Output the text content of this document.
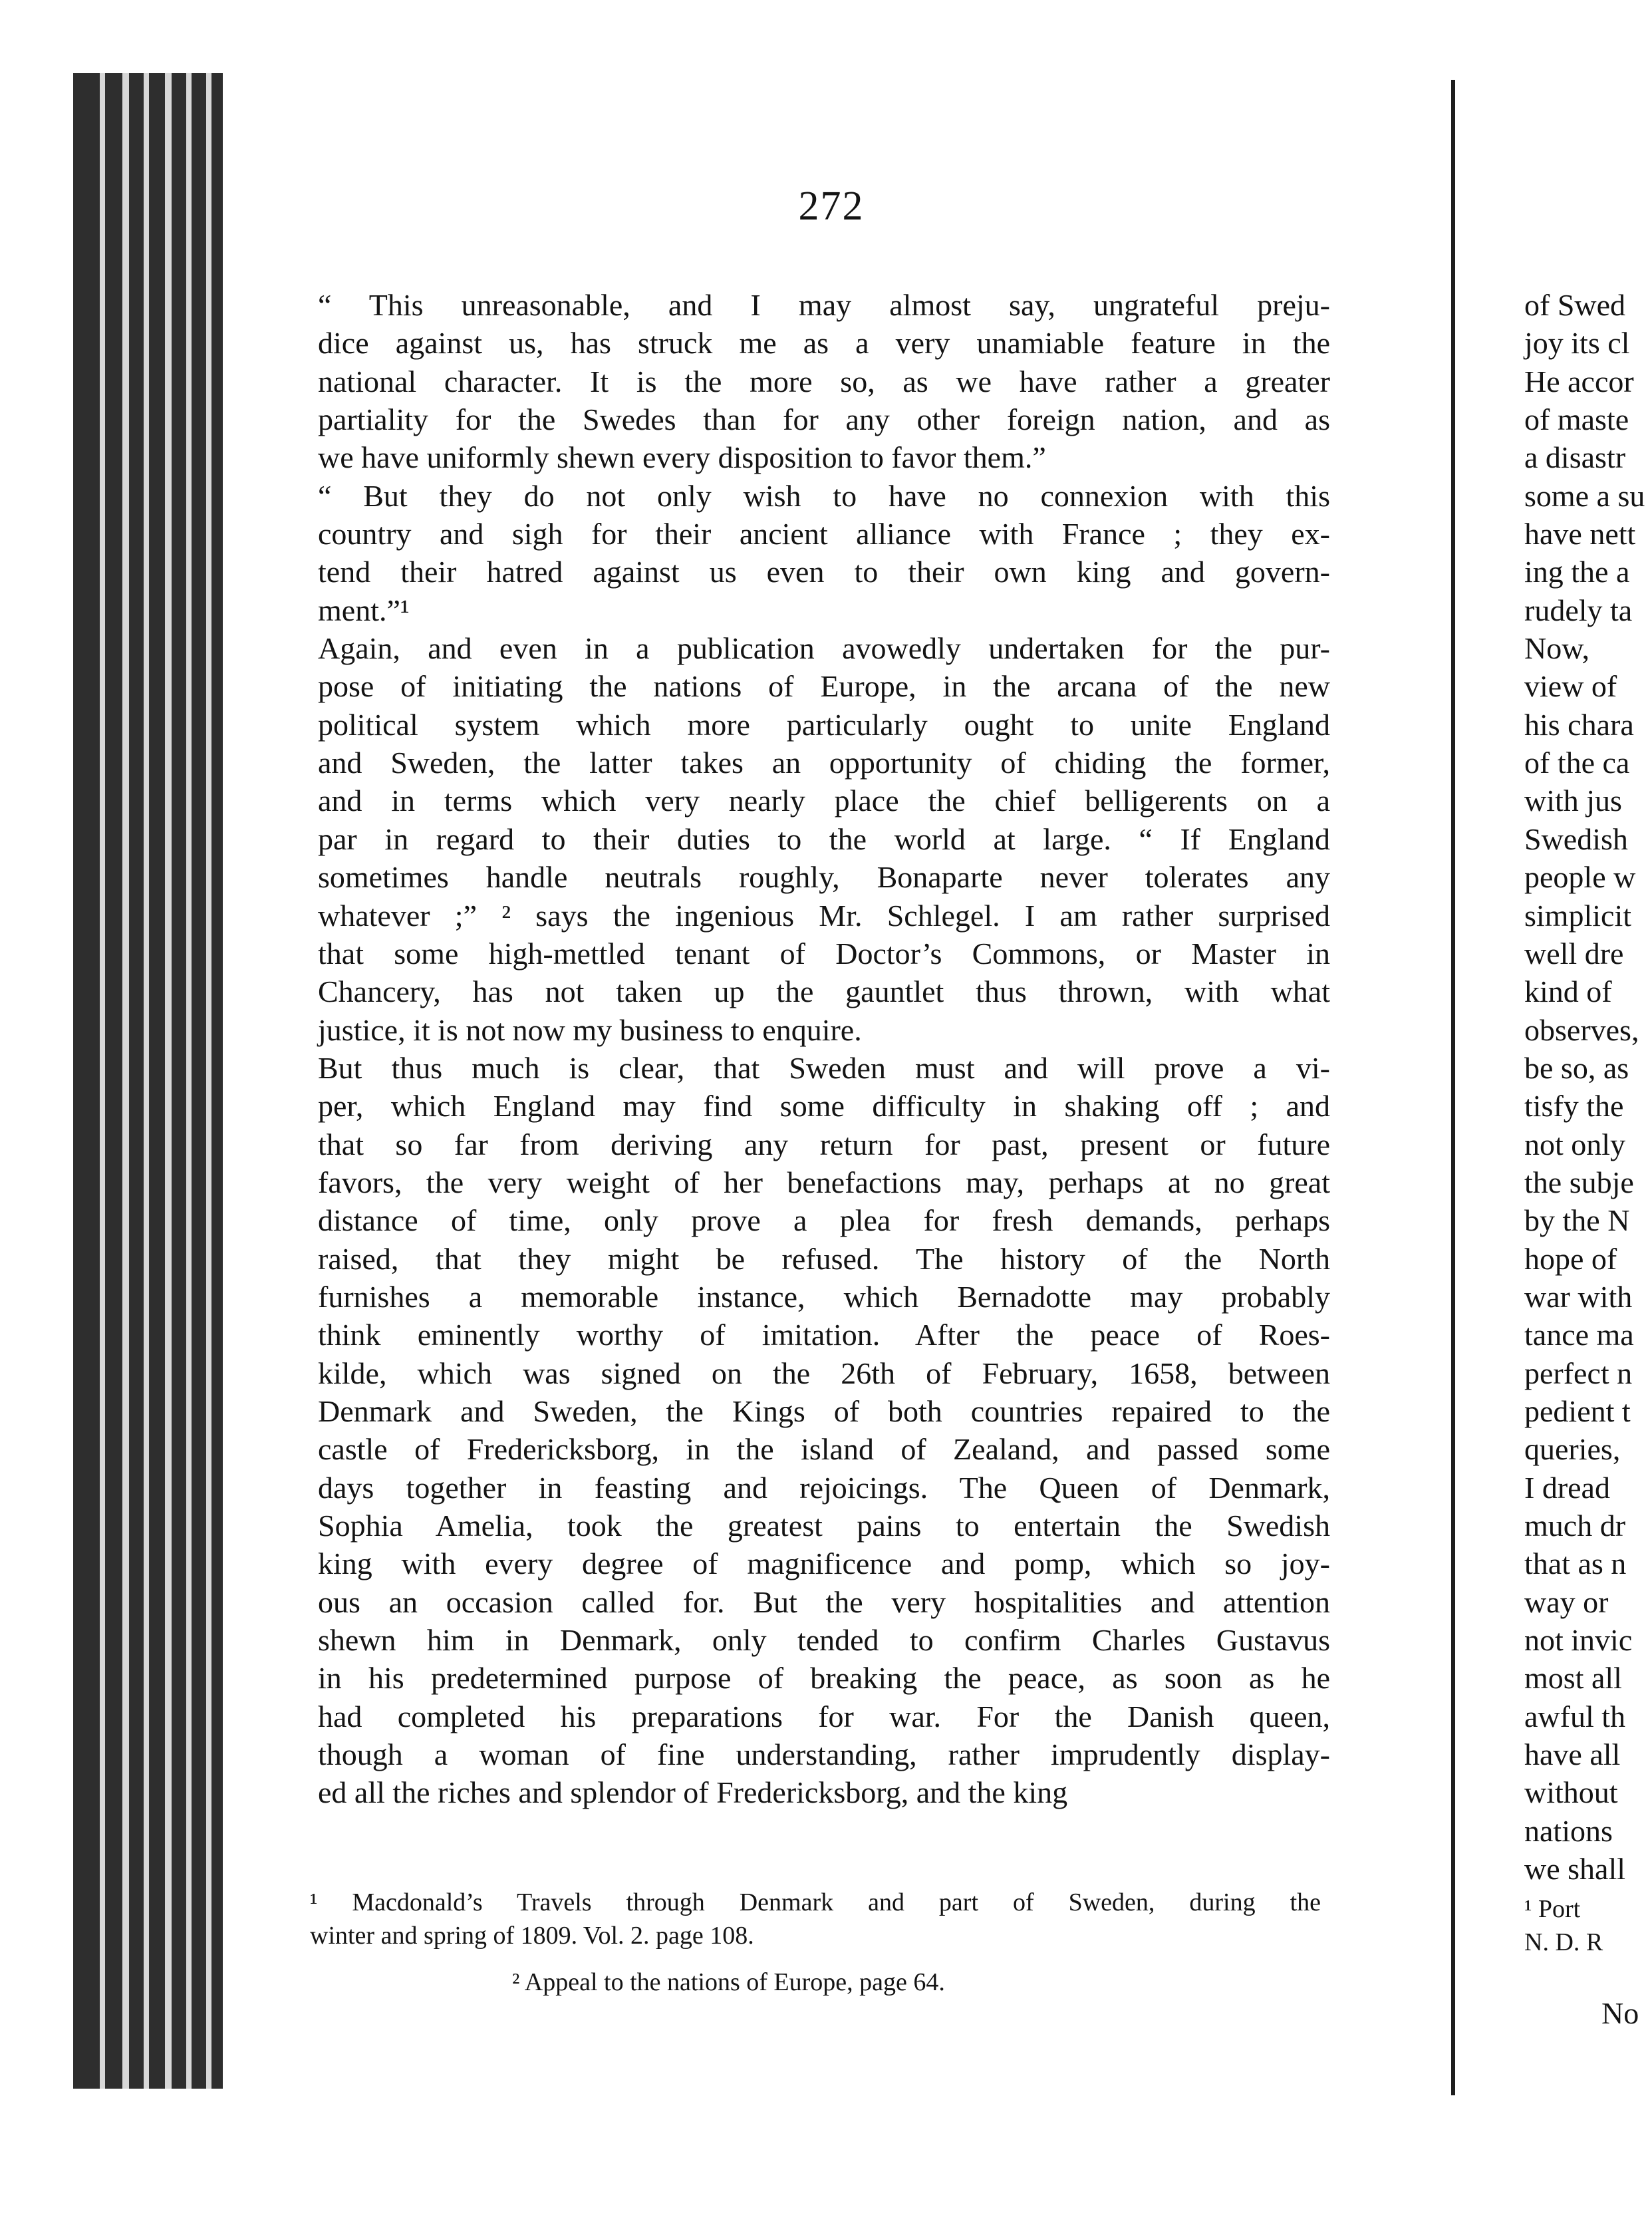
272
“ This unreasonable, and I may almost say, ungrateful preju-
dice against us, has struck me as a very unamiable feature in the
national character. It is the more so, as we have rather a greater
partiality for the Swedes than for any other foreign nation, and as
we have uniformly shewn every disposition to favor them.”
“ But they do not only wish to have no connexion with this
country and sigh for their ancient alliance with France ; they ex-
tend their hatred against us even to their own king and govern-
ment.”¹
Again, and even in a publication avowedly undertaken for the pur-
pose of initiating the nations of Europe, in the arcana of the new
political system which more particularly ought to unite England
and Sweden, the latter takes an opportunity of chiding the former,
and in terms which very nearly place the chief belligerents on a
par in regard to their duties to the world at large. “ If England
sometimes handle neutrals roughly, Bonaparte never tolerates any
whatever ;” ² says the ingenious Mr. Schlegel. I am rather surprised
that some high-mettled tenant of Doctor’s Commons, or Master in
Chancery, has not taken up the gauntlet thus thrown, with what
justice, it is not now my business to enquire.
But thus much is clear, that Sweden must and will prove a vi-
per, which England may find some difficulty in shaking off ; and
that so far from deriving any return for past, present or future
favors, the very weight of her benefactions may, perhaps at no great
distance of time, only prove a plea for fresh demands, perhaps
raised, that they might be refused. The history of the North
furnishes a memorable instance, which Bernadotte may probably
think eminently worthy of imitation. After the peace of Roes-
kilde, which was signed on the 26th of February, 1658, between
Denmark and Sweden, the Kings of both countries repaired to the
castle of Fredericksborg, in the island of Zealand, and passed some
days together in feasting and rejoicings. The Queen of Denmark,
Sophia Amelia, took the greatest pains to entertain the Swedish
king with every degree of magnificence and pomp, which so joy-
ous an occasion called for. But the very hospitalities and attention
shewn him in Denmark, only tended to confirm Charles Gustavus
in his predetermined purpose of breaking the peace, as soon as he
had completed his preparations for war. For the Danish queen,
though a woman of fine understanding, rather imprudently display-
ed all the riches and splendor of Fredericksborg, and the king
¹ Macdonald’s Travels through Denmark and part of Sweden, during the
winter and spring of 1809. Vol. 2. page 108.
² Appeal to the nations of Europe, page 64.
of Swed
joy its cl
He accor
of maste
a disastr
some a su
have nett
ing the a
rudely ta
Now,
view of
his chara
of the ca
with jus
Swedish
people w
simplicit
well dre
kind of
observes,
be so, as
tisfy the
not only
the subje
by the N
hope of
war with
tance ma
perfect n
pedient t
queries,
I dread
much dr
that as n
way or
not invic
most all
awful th
have all
without
nations
we shall
¹ Port
N. D. R
No
